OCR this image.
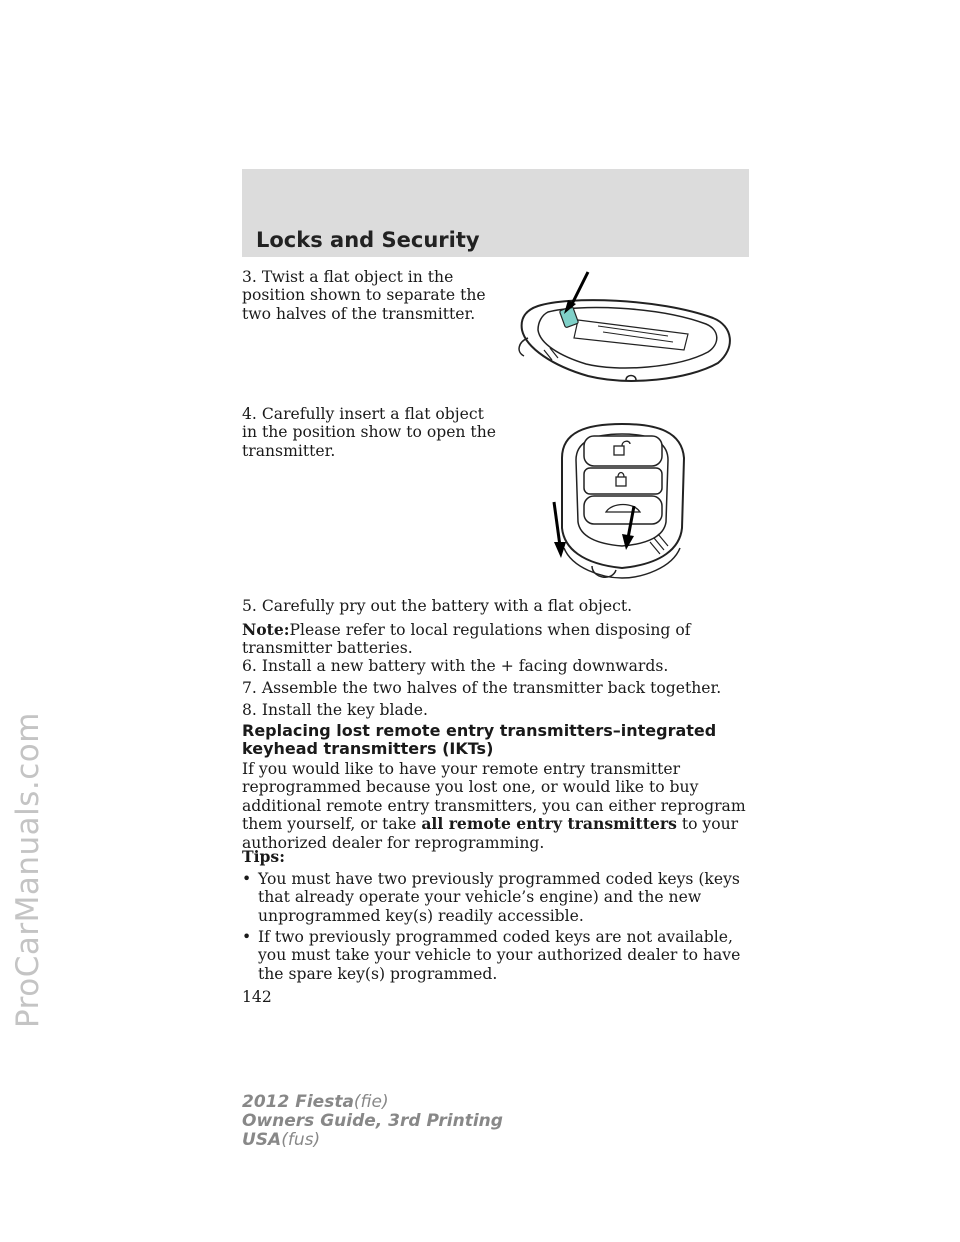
ProCarManuals.com
Locks and Security
3. Twist a flat object in the position shown to separate the two halves of the transmitter.
4. Carefully insert a flat object in the position show to open the transmitter.
5. Carefully pry out the battery with a flat object.
Note:Please refer to local regulations when disposing of transmitter batteries.
6. Install a new battery with the + facing downwards.
7. Assemble the two halves of the transmitter back together.
8. Install the key blade.
Replacing lost remote entry transmitters–integrated keyhead transmitters (IKTs)
If you would like to have your remote entry transmitter reprogrammed because you lost one, or would like to buy additional remote entry transmitters, you can either reprogram them yourself, or take all remote entry transmitters to your authorized dealer for reprogramming.
Tips:
• You must have two previously programmed coded keys (keys that already operate your vehicle’s engine) and the new unprogrammed key(s) readily accessible.
• If two previously programmed coded keys are not available, you must take your vehicle to your authorized dealer to have the spare key(s) programmed.
142
2012 Fiesta(fie)
Owners Guide, 3rd Printing
USA(fus)
